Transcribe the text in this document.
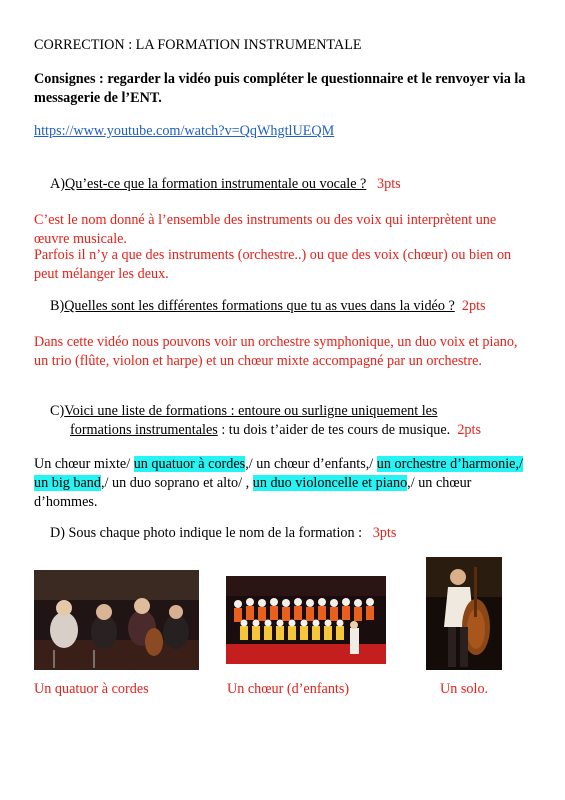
CORRECTION : LA FORMATION INSTRUMENTALE
Consignes : regarder la vidéo puis compléter le questionnaire et le renvoyer via la messagerie de l’ENT.
https://www.youtube.com/watch?v=QqWhgtlUEQM
A)Qu’est-ce que la formation instrumentale ou vocale ? 3pts
C’est le nom donné à l’ensemble des instruments ou des voix qui interprètent une œuvre musicale.
Parfois il n’y a que des instruments (orchestre..) ou que des voix (chœur) ou bien on peut mélanger les deux.
B)Quelles sont les différentes formations que tu as vues dans la vidéo ? 2pts
Dans cette vidéo nous pouvons voir un orchestre symphonique, un duo voix et piano, un trio (flûte, violon et harpe) et un chœur mixte accompagné par un orchestre.
C)Voici une liste de formations : entoure ou surligne uniquement les
formations instrumentales : tu dois t’aider de tes cours de musique. 2pts
Un chœur mixte/ un quatuor à cordes,/ un chœur d’enfants,/ un orchestre d’harmonie,/ un big band,/ un duo soprano et alto/ , un duo violoncelle et piano,/ un chœur d’hommes.
D) Sous chaque photo indique le nom de la formation : 3pts
Un quatuor à cordes	Un chœur (d’enfants)	Un solo.
